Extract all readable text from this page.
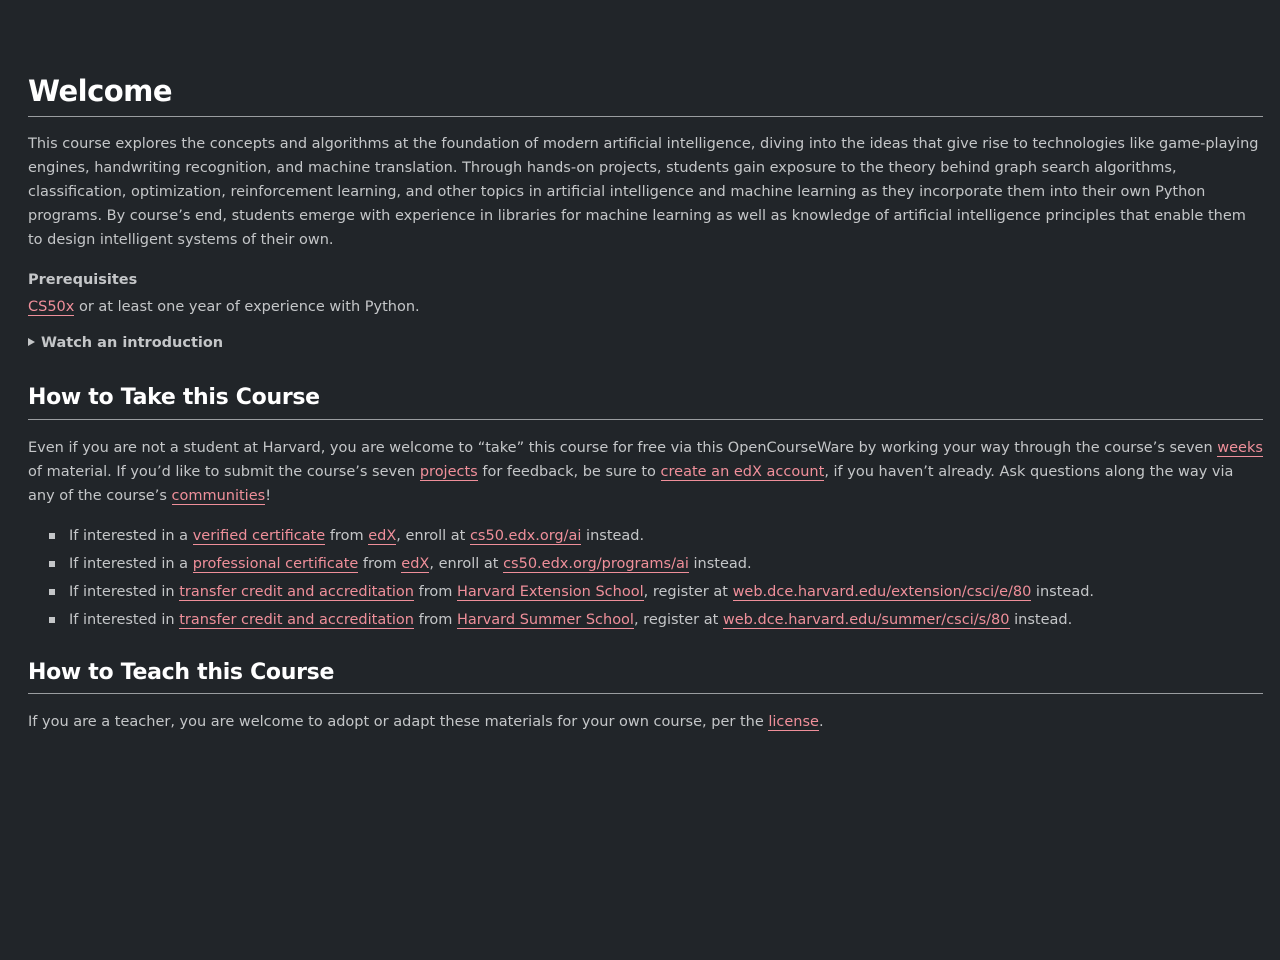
Welcome

This course explores the concepts and algorithms at the foundation of modern artificial intelligence, diving into the ideas that give rise to technologies like game-playing engines, handwriting recognition, and machine translation. Through hands-on projects, students gain exposure to the theory behind graph search algorithms, classification, optimization, reinforcement learning, and other topics in artificial intelligence and machine learning as they incorporate them into their own Python programs. By course’s end, students emerge with experience in libraries for machine learning as well as knowledge of artificial intelligence principles that enable them to design intelligent systems of their own.

Prerequisites

CS50x or at least one year of experience with Python.

Watch an introduction
How to Take this Course

Even if you are not a student at Harvard, you are welcome to “take” this course for free via this OpenCourseWare by working your way through the course’s seven weeks of material. If you’d like to submit the course’s seven projects for feedback, be sure to create an edX account, if you haven’t already. Ask questions along the way via any of the course’s communities!

If interested in a verified certificate from edX, enroll at cs50.edx.org/ai instead.
If interested in a professional certificate from edX, enroll at cs50.edx.org/programs/ai instead.
If interested in transfer credit and accreditation from Harvard Extension School, register at web.dce.harvard.edu/extension/csci/e/80 instead.
If interested in transfer credit and accreditation from Harvard Summer School, register at web.dce.harvard.edu/summer/csci/s/80 instead.
How to Teach this Course

If you are a teacher, you are welcome to adopt or adapt these materials for your own course, per the license.
